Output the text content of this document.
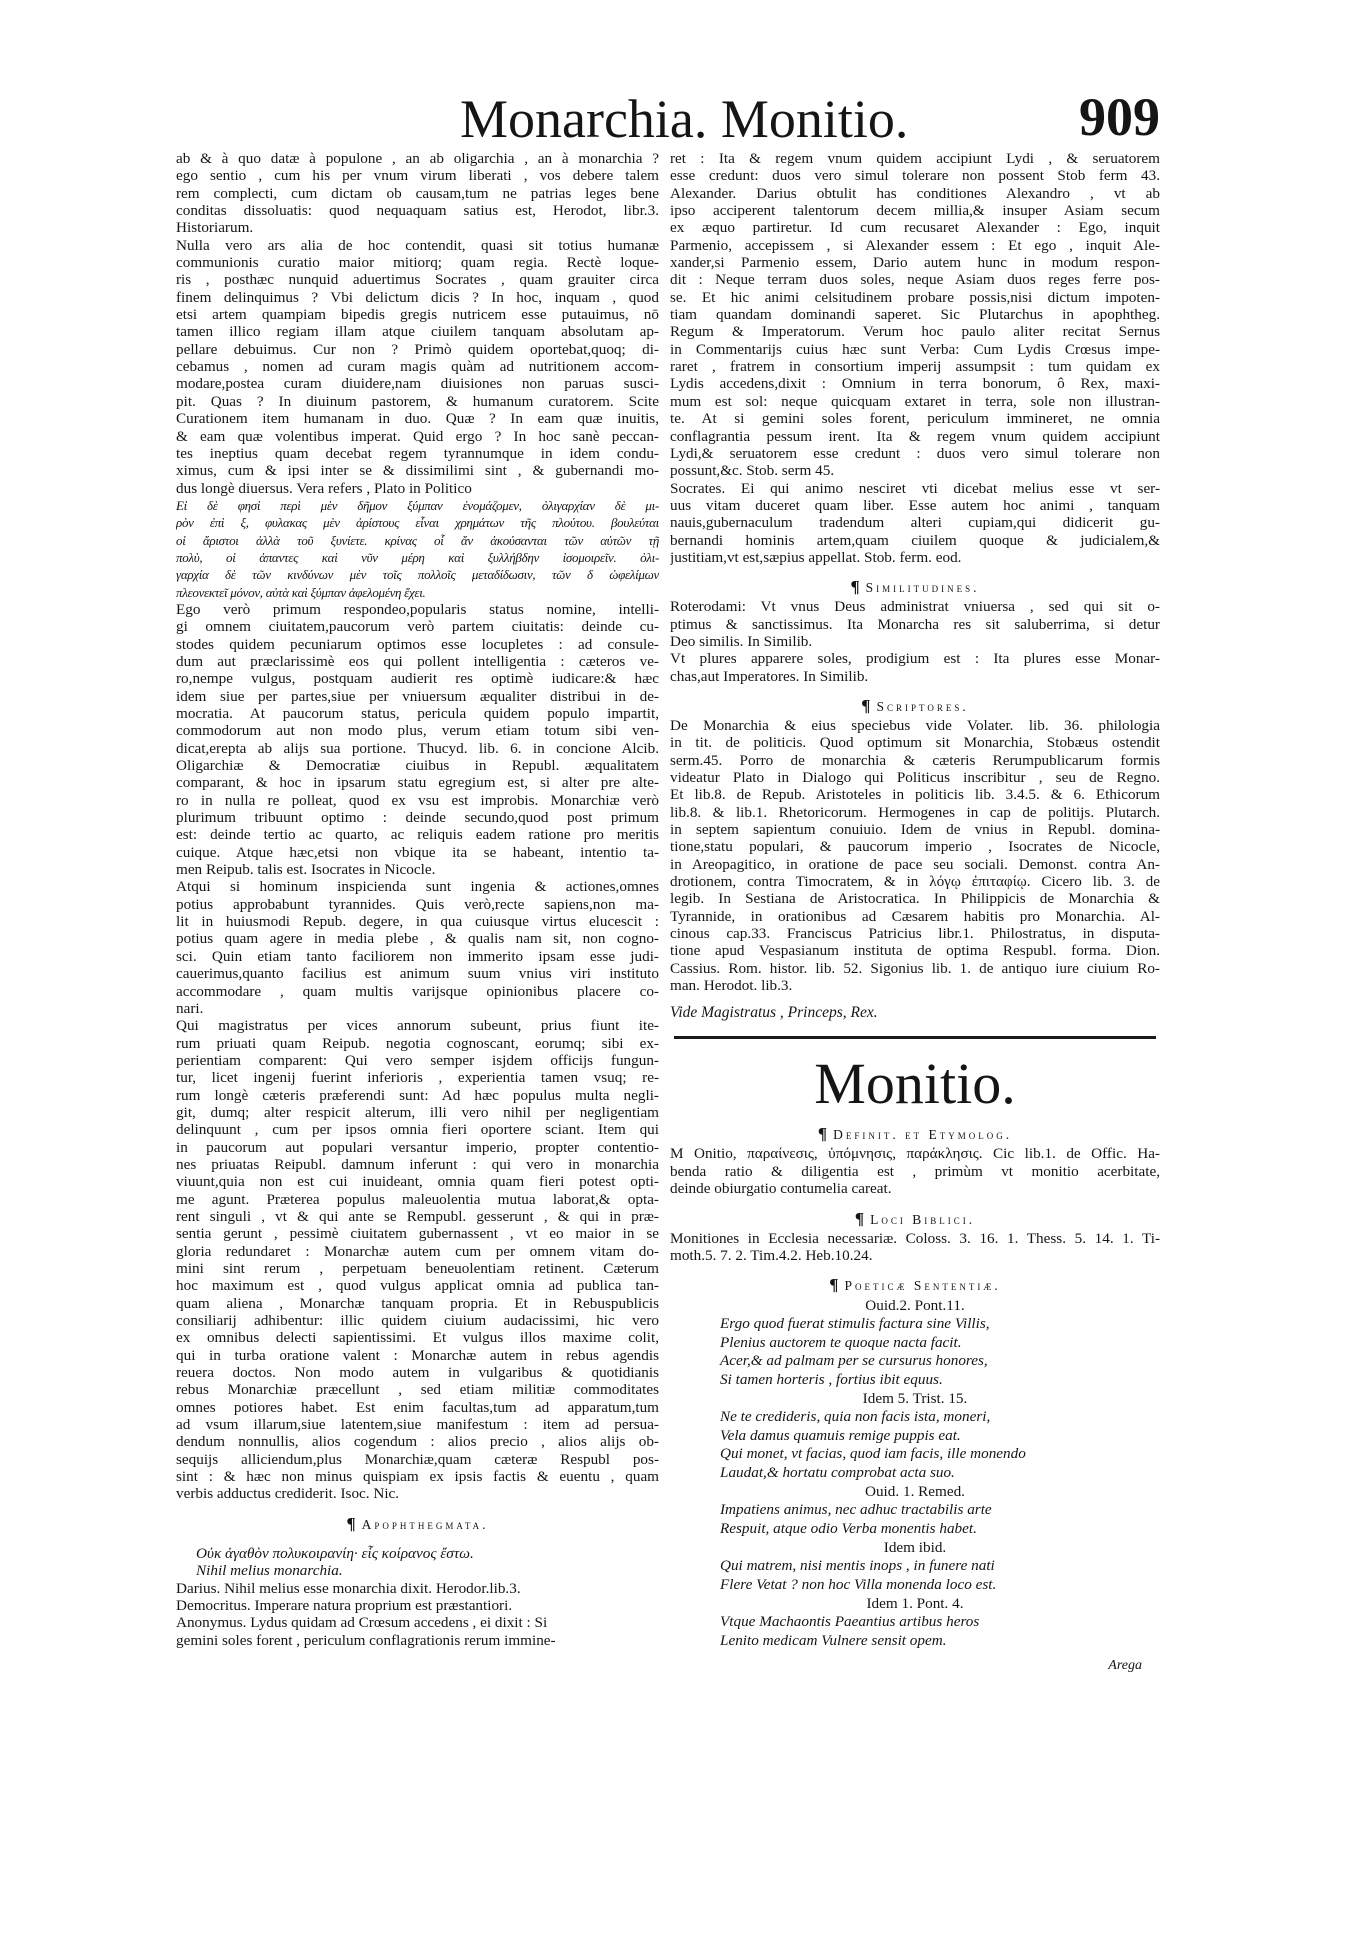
Monarchia. Monitio.	909
ab & à quo datæ à populone , an ab oligarchia , an à monarchia ?
ego sentio , cum his per vnum virum liberati , vos debere talem
rem complecti, cum dictam ob causam,tum ne patrias leges bene
conditas dissoluatis: quod nequaquam satius est, Herodot, libr.3.
Historiarum.
Nulla vero ars alia de hoc contendit, quasi sit totius humanæ
communionis curatio maior mitiorq; quam regia. Rectè loque-
ris , posthæc nunquid aduertimus Socrates , quam grauiter circa
finem delinquimus ? Vbi delictum dicis ? In hoc, inquam , quod
etsi artem quampiam bipedis gregis nutricem esse putauimus, nō
tamen illico regiam illam atque ciuilem tanquam absolutam ap-
pellare debuimus. Cur non ? Primò quidem oportebat,quoq; di-
cebamus , nomen ad curam magis quàm ad nutritionem accom-
modare,postea curam diuidere,nam diuisiones non paruas susci-
pit. Quas ? In diuinum pastorem, & humanum curatorem. Scite
Curationem item humanam in duo. Quæ ? In eam quæ inuitis,
& eam quæ volentibus imperat. Quid ergo ? In hoc sanè peccan-
tes ineptius quam decebat regem tyrannumque in idem condu-
ximus, cum & ipsi inter se & dissimilimi sint , & gubernandi mo-
dus longè diuersus. Vera refers , Plato in Politico
Εἰ δὲ φησὶ περὶ μὲν δῆμον ξύμπαν ἐνομάζομεν, ὀλιγαρχίαν δὲ μι-
ρὸν ἐπὶ ξ, φυλακας μὲν ἀρίστους εἶναι χρημάτων τῆς πλούτου. βουλεύται
οἱ ἄριστοι ἀλλὰ τοῦ ξυνίετε. κρίνας οἷ ἄν ἀκούσανται τῶν αὐτῶν τῇ
πολὺ, οἱ ἀπαντες καὶ νῦν μέρη καὶ ξυλλήβδην ἰσομοιρεῖν. ὀλι-
γαρχία δὲ τῶν κινδύνων μὲν τοῖς πολλοῖς μεταδίδωσιν, τῶν δ ὠφελίμων
πλεονεκτεῖ μόνον, αὐτὰ καὶ ξύμπαν ἀφελομένη ἔχει.
Ego verò primum respondeo,popularis status nomine, intelli-
gi omnem ciuitatem,paucorum verò partem ciuitatis: deinde cu-
stodes quidem pecuniarum optimos esse locupletes : ad consule-
dum aut præclarissimè eos qui pollent intelligentia : cæteros ve-
ro,nempe vulgus, postquam audierit res optimè iudicare:& hæc
idem siue per partes,siue per vniuersum æqualiter distribui in de-
mocratia. At paucorum status, pericula quidem populo impartit,
commodorum aut non modo plus, verum etiam totum sibi ven-
dicat,erepta ab alijs sua portione. Thucyd. lib. 6. in concione Alcib.
Oligarchiæ & Democratiæ ciuibus in Republ. æqualitatem
comparant, & hoc in ipsarum statu egregium est, si alter pre alte-
ro in nulla re polleat, quod ex vsu est improbis. Monarchiæ verò
plurimum tribuunt optimo : deinde secundo,quod post primum
est: deinde tertio ac quarto, ac reliquis eadem ratione pro meritis
cuique. Atque hæc,etsi non vbique ita se habeant, intentio ta-
men Reipub. talis est. Isocrates in Nicocle.
Atqui si hominum inspicienda sunt ingenia & actiones,omnes
potius approbabunt tyrannides. Quis verò,recte sapiens,non ma-
lit in huiusmodi Repub. degere, in qua cuiusque virtus elucescit :
potius quam agere in media plebe , & qualis nam sit, non cogno-
sci. Quin etiam tanto faciliorem non immerito ipsam esse judi-
cauerimus,quanto facilius est animum suum vnius viri instituto
accommodare , quam multis varijsque opinionibus placere co-
nari.
Qui magistratus per vices annorum subeunt, prius fiunt ite-
rum priuati quam Reipub. negotia cognoscant, eorumq; sibi ex-
perientiam comparent: Qui vero semper isjdem officijs fungun-
tur, licet ingenij fuerint inferioris , experientia tamen vsuq; re-
rum longè cæteris præferendi sunt: Ad hæc populus multa negli-
git, dumq; alter respicit alterum, illi vero nihil per negligentiam
delinquunt , cum per ipsos omnia fieri oportere sciant. Item qui
in paucorum aut populari versantur imperio, propter contentio-
nes priuatas Reipubl. damnum inferunt : qui vero in monarchia
viuunt,quia non est cui inuideant, omnia quam fieri potest opti-
me agunt. Præterea populus maleuolentia mutua laborat,& opta-
rent singuli , vt & qui ante se Rempubl. gesserunt , & qui in præ-
sentia gerunt , pessimè ciuitatem gubernassent , vt eo maior in se
gloria redundaret : Monarchæ autem cum per omnem vitam do-
mini sint rerum , perpetuam beneuolentiam retinent. Cæterum
hoc maximum est , quod vulgus applicat omnia ad publica tan-
quam aliena , Monarchæ tanquam propria. Et in Rebuspublicis
consiliarij adhibentur: illic quidem ciuium audacissimi, hic vero
ex omnibus delecti sapientissimi. Et vulgus illos maxime colit,
qui in turba oratione valent : Monarchæ autem in rebus agendis
reuera doctos. Non modo autem in vulgaribus & quotidianis
rebus Monarchiæ præcellunt , sed etiam militiæ commoditates
omnes potiores habet. Est enim facultas,tum ad apparatum,tum
ad vsum illarum,siue latentem,siue manifestum : item ad persua-
dendum nonnullis, alios cogendum : alios precio , alios alijs ob-
sequijs alliciendum,plus Monarchiæ,quam cæteræ Respubl pos-
sint : & hæc non minus quispiam ex ipsis factis & euentu , quam
verbis adductus crediderit. Isoc. Nic.
¶ Apophthegmata.
Οὐκ ἀγαθὸν πολυκοιρανίη· εἷς κοίρανος ἔστω.
Nihil melius monarchia.
Darius. Nihil melius esse monarchia dixit. Herodor.lib.3.
Democritus. Imperare natura proprium est præstantiori.
Anonymus. Lydus quidam ad Crœsum accedens , ei dixit : Si
gemini soles forent , periculum conflagrationis rerum immine-
ret : Ita & regem vnum quidem accipiunt Lydi , & seruatorem
esse credunt: duos vero simul tolerare non possent Stob ferm 43.
Alexander. Darius obtulit has conditiones Alexandro , vt ab
ipso acciperent talentorum decem millia,& insuper Asiam secum
ex æquo partiretur. Id cum recusaret Alexander : Ego, inquit
Parmenio, accepissem , si Alexander essem : Et ego , inquit Ale-
xander,si Parmenio essem, Dario autem hunc in modum respon-
dit : Neque terram duos soles, neque Asiam duos reges ferre pos-
se. Et hic animi celsitudinem probare possis,nisi dictum impoten-
tiam quandam dominandi saperet. Sic Plutarchus in apophtheg.
Regum & Imperatorum. Verum hoc paulo aliter recitat Sernus
in Commentarijs cuius hæc sunt Verba: Cum Lydis Crœsus impe-
raret , fratrem in consortium imperij assumpsit : tum quidam ex
Lydis accedens,dixit : Omnium in terra bonorum, ô Rex, maxi-
mum est sol: neque quicquam extaret in terra, sole non illustran-
te. At si gemini soles forent, periculum immineret, ne omnia
conflagrantia pessum irent. Ita & regem vnum quidem accipiunt
Lydi,& seruatorem esse credunt : duos vero simul tolerare non
possunt,&c. Stob. serm 45.
Socrates. Ei qui animo nesciret vti dicebat melius esse vt ser-
uus vitam duceret quam liber. Esse autem hoc animi , tanquam
nauis,gubernaculum tradendum alteri cupiam,qui didicerit gu-
bernandi hominis artem,quam ciuilem quoque & judicialem,&
justitiam,vt est,sæpius appellat. Stob. ferm. eod.
¶ Similitudines.
Roterodami: Vt vnus Deus administrat vniuersa , sed qui sit o-
ptimus & sanctissimus. Ita Monarcha res sit saluberrima, si detur
Deo similis. In Similib.
Vt plures apparere soles, prodigium est : Ita plures esse Monar-
chas,aut Imperatores. In Similib.
¶ Scriptores.
De Monarchia & eius speciebus vide Volater. lib. 36. philologia
in tit. de politicis. Quod optimum sit Monarchia, Stobæus ostendit
serm.45. Porro de monarchia & cæteris Rerumpublicarum formis
videatur Plato in Dialogo qui Politicus inscribitur , seu de Regno.
Et lib.8. de Repub. Aristoteles in politicis lib. 3.4.5. & 6. Ethicorum
lib.8. & lib.1. Rhetoricorum. Hermogenes in cap de politijs. Plutarch.
in septem sapientum conuiuio. Idem de vnius in Republ. domina-
tione,statu populari, & paucorum imperio , Isocrates de Nicocle,
in Areopagitico, in oratione de pace seu sociali. Demonst. contra An-
drotionem, contra Timocratem, & in λόγῳ ἐπιταφίῳ. Cicero lib. 3. de
legib. In Sestiana de Aristocratica. In Philippicis de Monarchia &
Tyrannide, in orationibus ad Cæsarem habitis pro Monarchia. Al-
cinous cap.33. Franciscus Patricius libr.1. Philostratus, in disputa-
tione apud Vespasianum instituta de optima Respubl. forma. Dion.
Cassius. Rom. histor. lib. 52. Sigonius lib. 1. de antiquo iure ciuium Ro-
man. Herodot. lib.3.
Vide Magistratus , Princeps, Rex.
Monitio.
¶ Definit. et Etymolog.
M Onitio, παραίνεσις, ὑπόμνησις, παράκλησις. Cic lib.1. de Offic. Ha-
benda ratio & diligentia est , primùm vt monitio acerbitate,
deinde obiurgatio contumelia careat.
¶ Loci Biblici.
Monitiones in Ecclesia necessariæ. Coloss. 3. 16. 1. Thess. 5. 14. 1. Ti-
moth.5. 7. 2. Tim.4.2. Heb.10.24.
¶ Poeticæ Sententiæ.
Ouid.2. Pont.11.
Ergo quod fuerat stimulis factura sine Villis,
Plenius auctorem te quoque nacta facit.
Acer,& ad palmam per se cursurus honores,
Si tamen horteris , fortius ibit equus.
Idem 5. Trist. 15.
Ne te credideris, quia non facis ista, moneri,
Vela damus quamuis remige puppis eat.
Qui monet, vt facias, quod iam facis, ille monendo
Laudat,& hortatu comprobat acta suo.
Ouid. 1. Remed.
Impatiens animus, nec adhuc tractabilis arte
Respuit, atque odio Verba monentis habet.
Idem ibid.
Qui matrem, nisi mentis inops , in funere nati
Flere Vetat ? non hoc Villa monenda loco est.
Idem 1. Pont. 4.
Vtque Machaontis Paeantius artibus heros
Lenito medicam Vulnere sensit opem.
Arega
